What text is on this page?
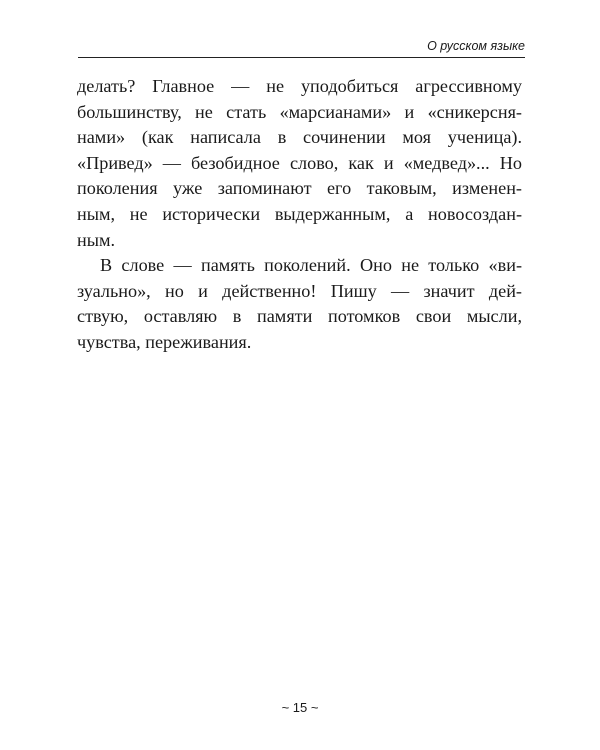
О русском языке
делать? Главное — не уподобиться агрессивному
большинству, не стать «марсианами» и «сникерсня-
нами» (как написала в сочинении моя ученица).
«Привед» — безобидное слово, как и «медвед»... Но
поколения уже запоминают его таковым, изменен-
ным, не исторически выдержанным, а новосоздан-
ным.
В слове — память поколений. Оно не только «ви-
зуально», но и действенно! Пишу — значит дей-
ствую, оставляю в памяти потомков свои мысли,
чувства, переживания.
~ 15 ~
